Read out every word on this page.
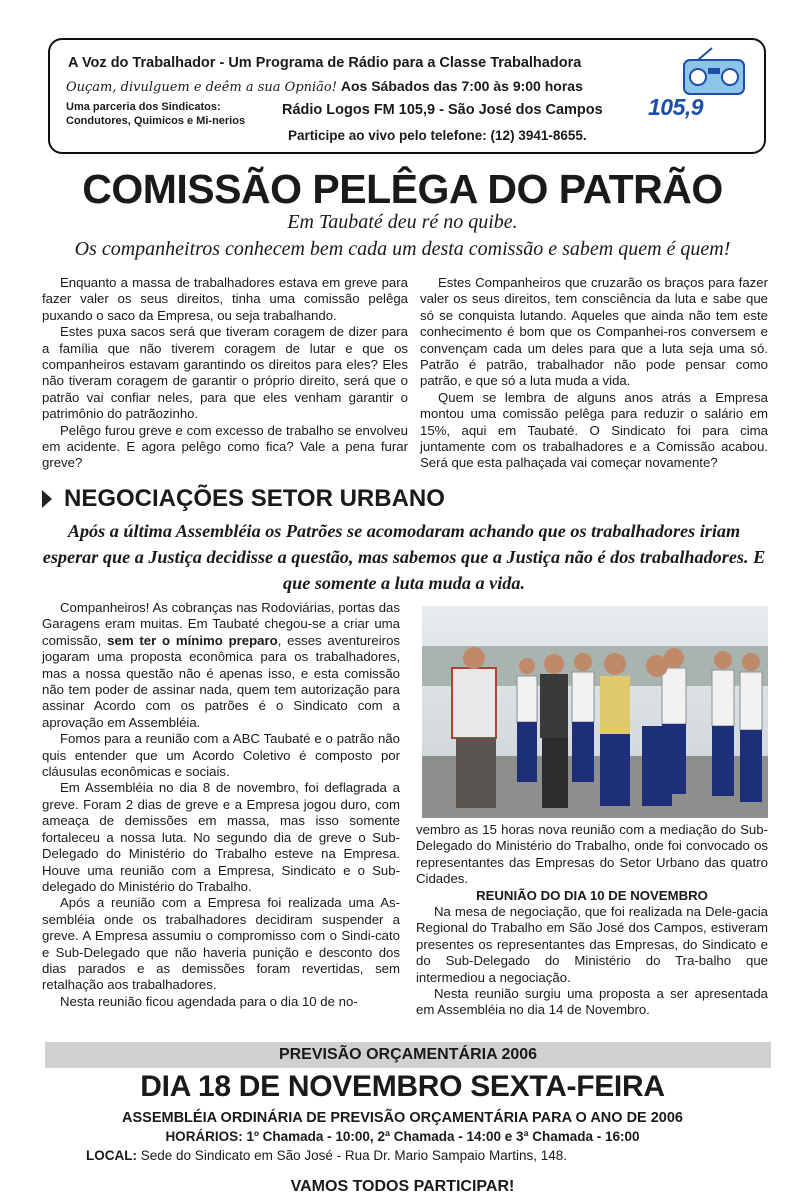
A Voz do Trabalhador - Um Programa de Rádio para a Classe Trabalhadora
Ouçam, divulguem e deêm a sua Opnião! Aos Sábados das 7:00 às 9:00 horas
Uma parceria dos Sindicatos: Condutores, Quimicos e Mi-nerios
Rádio Logos FM 105,9 - São José dos Campos
Participe ao vivo pelo telefone: (12) 3941-8655.
105,9
COMISSÃO PELÊGA DO PATRÃO
Em Taubaté deu ré no quibe.
Os companheitros conhecem bem cada um desta comissão e sabem quem é quem!

Enquanto a massa de trabalhadores estava em greve para fazer valer os seus direitos, tinha uma comissão pelêga puxando o saco da Empresa, ou seja trabalhando.

Estes puxa sacos será que tiveram coragem de dizer para a família que não tiverem coragem de lutar e que os companheiros estavam garantindo os direitos para eles? Eles não tiveram coragem de garantir o próprio direito, será que o patrão vai confiar neles, para que eles venham garantir o patrimônio do patrãozinho.

Pelêgo furou greve e com excesso de trabalho se envolveu em acidente. E agora pelêgo como fica? Vale a pena furar greve?

Estes Companheiros que cruzarão os braços para fazer valer os seus direitos, tem consciência da luta e sabe que só se conquista lutando. Aqueles que ainda não tem este conhecimento é bom que os Companhei-ros conversem e convençam cada um deles para que a luta seja uma só. Patrão é patrão, trabalhador não pode pensar como patrão, e que só a luta muda a vida.

Quem se lembra de alguns anos atrás a Empresa montou uma comissão pelêga para reduzir o salário em 15%, aqui em Taubaté. O Sindicato foi para cima juntamente com os trabalhadores e a Comissão acabou. Será que esta palhaçada vai começar novamente?

NEGOCIAÇÕES SETOR URBANO
Após a última Assembléia os Patrões se acomodaram achando que os trabalhadores iriam esperar que a Justiça decidisse a questão, mas sabemos que a Justiça não é dos trabalhadores. E que somente a luta muda a vida.

Companheiros! As cobranças nas Rodoviárias, portas das Garagens eram muitas. Em Taubaté chegou-se a criar uma comissão, sem ter o mínimo preparo, esses aventureiros jogaram uma proposta econômica para os trabalhadores, mas a nossa questão não é apenas isso, e esta comissão não tem poder de assinar nada, quem tem autorização para assinar Acordo com os patrões é o Sindicato com a aprovação em Assembléia.

Fomos para a reunião com a ABC Taubaté e o patrão não quis entender que um Acordo Coletivo é composto por cláusulas econômicas e sociais.

Em Assembléia no dia 8 de novembro, foi deflagrada a greve. Foram 2 dias de greve e a Empresa jogou duro, com ameaça de demissões em massa, mas isso somente fortaleceu a nossa luta. No segundo dia de greve o Sub-Delegado do Ministério do Trabalho esteve na Empresa. Houve uma reunião com a Empresa, Sindicato e o Sub-delegado do Ministério do Trabalho.

Após a reunião com a Empresa foi realizada uma As-sembléia onde os trabalhadores decidiram suspender a greve. A Empresa assumiu o compromisso com o Sindi-cato e Sub-Delegado que não haveria punição e desconto dos dias parados e as demissões foram revertidas, sem retalhação aos trabalhadores.

Nesta reunião ficou agendada para o dia 10 de no-

vembro as 15 horas nova reunião com a mediação do Sub-Delegado do Ministério do Trabalho, onde foi convocado os representantes das Empresas do Setor Urbano das quatro Cidades.

REUNIÃO DO DIA 10 DE NOVEMBRO

Na mesa de negociação, que foi realizada na Dele-gacia Regional do Trabalho em São José dos Campos, estiveram presentes os representantes das Empresas, do Sindicato e do Sub-Delegado do Ministério do Tra-balho que intermediou a negociação.

Nesta reunião surgiu uma proposta a ser apresentada em Assembléia no dia 14 de Novembro.

PREVISÃO ORÇAMENTÁRIA 2006
DIA 18 DE NOVEMBRO SEXTA-FEIRA
ASSEMBLÉIA ORDINÁRIA DE PREVISÃO ORÇAMENTÁRIA PARA O ANO DE 2006
HORÁRIOS: 1º Chamada - 10:00, 2ª Chamada - 14:00 e 3ª Chamada - 16:00
LOCAL: Sede do Sindicato em São José - Rua Dr. Mario Sampaio Martins, 148.
VAMOS TODOS PARTICIPAR!
